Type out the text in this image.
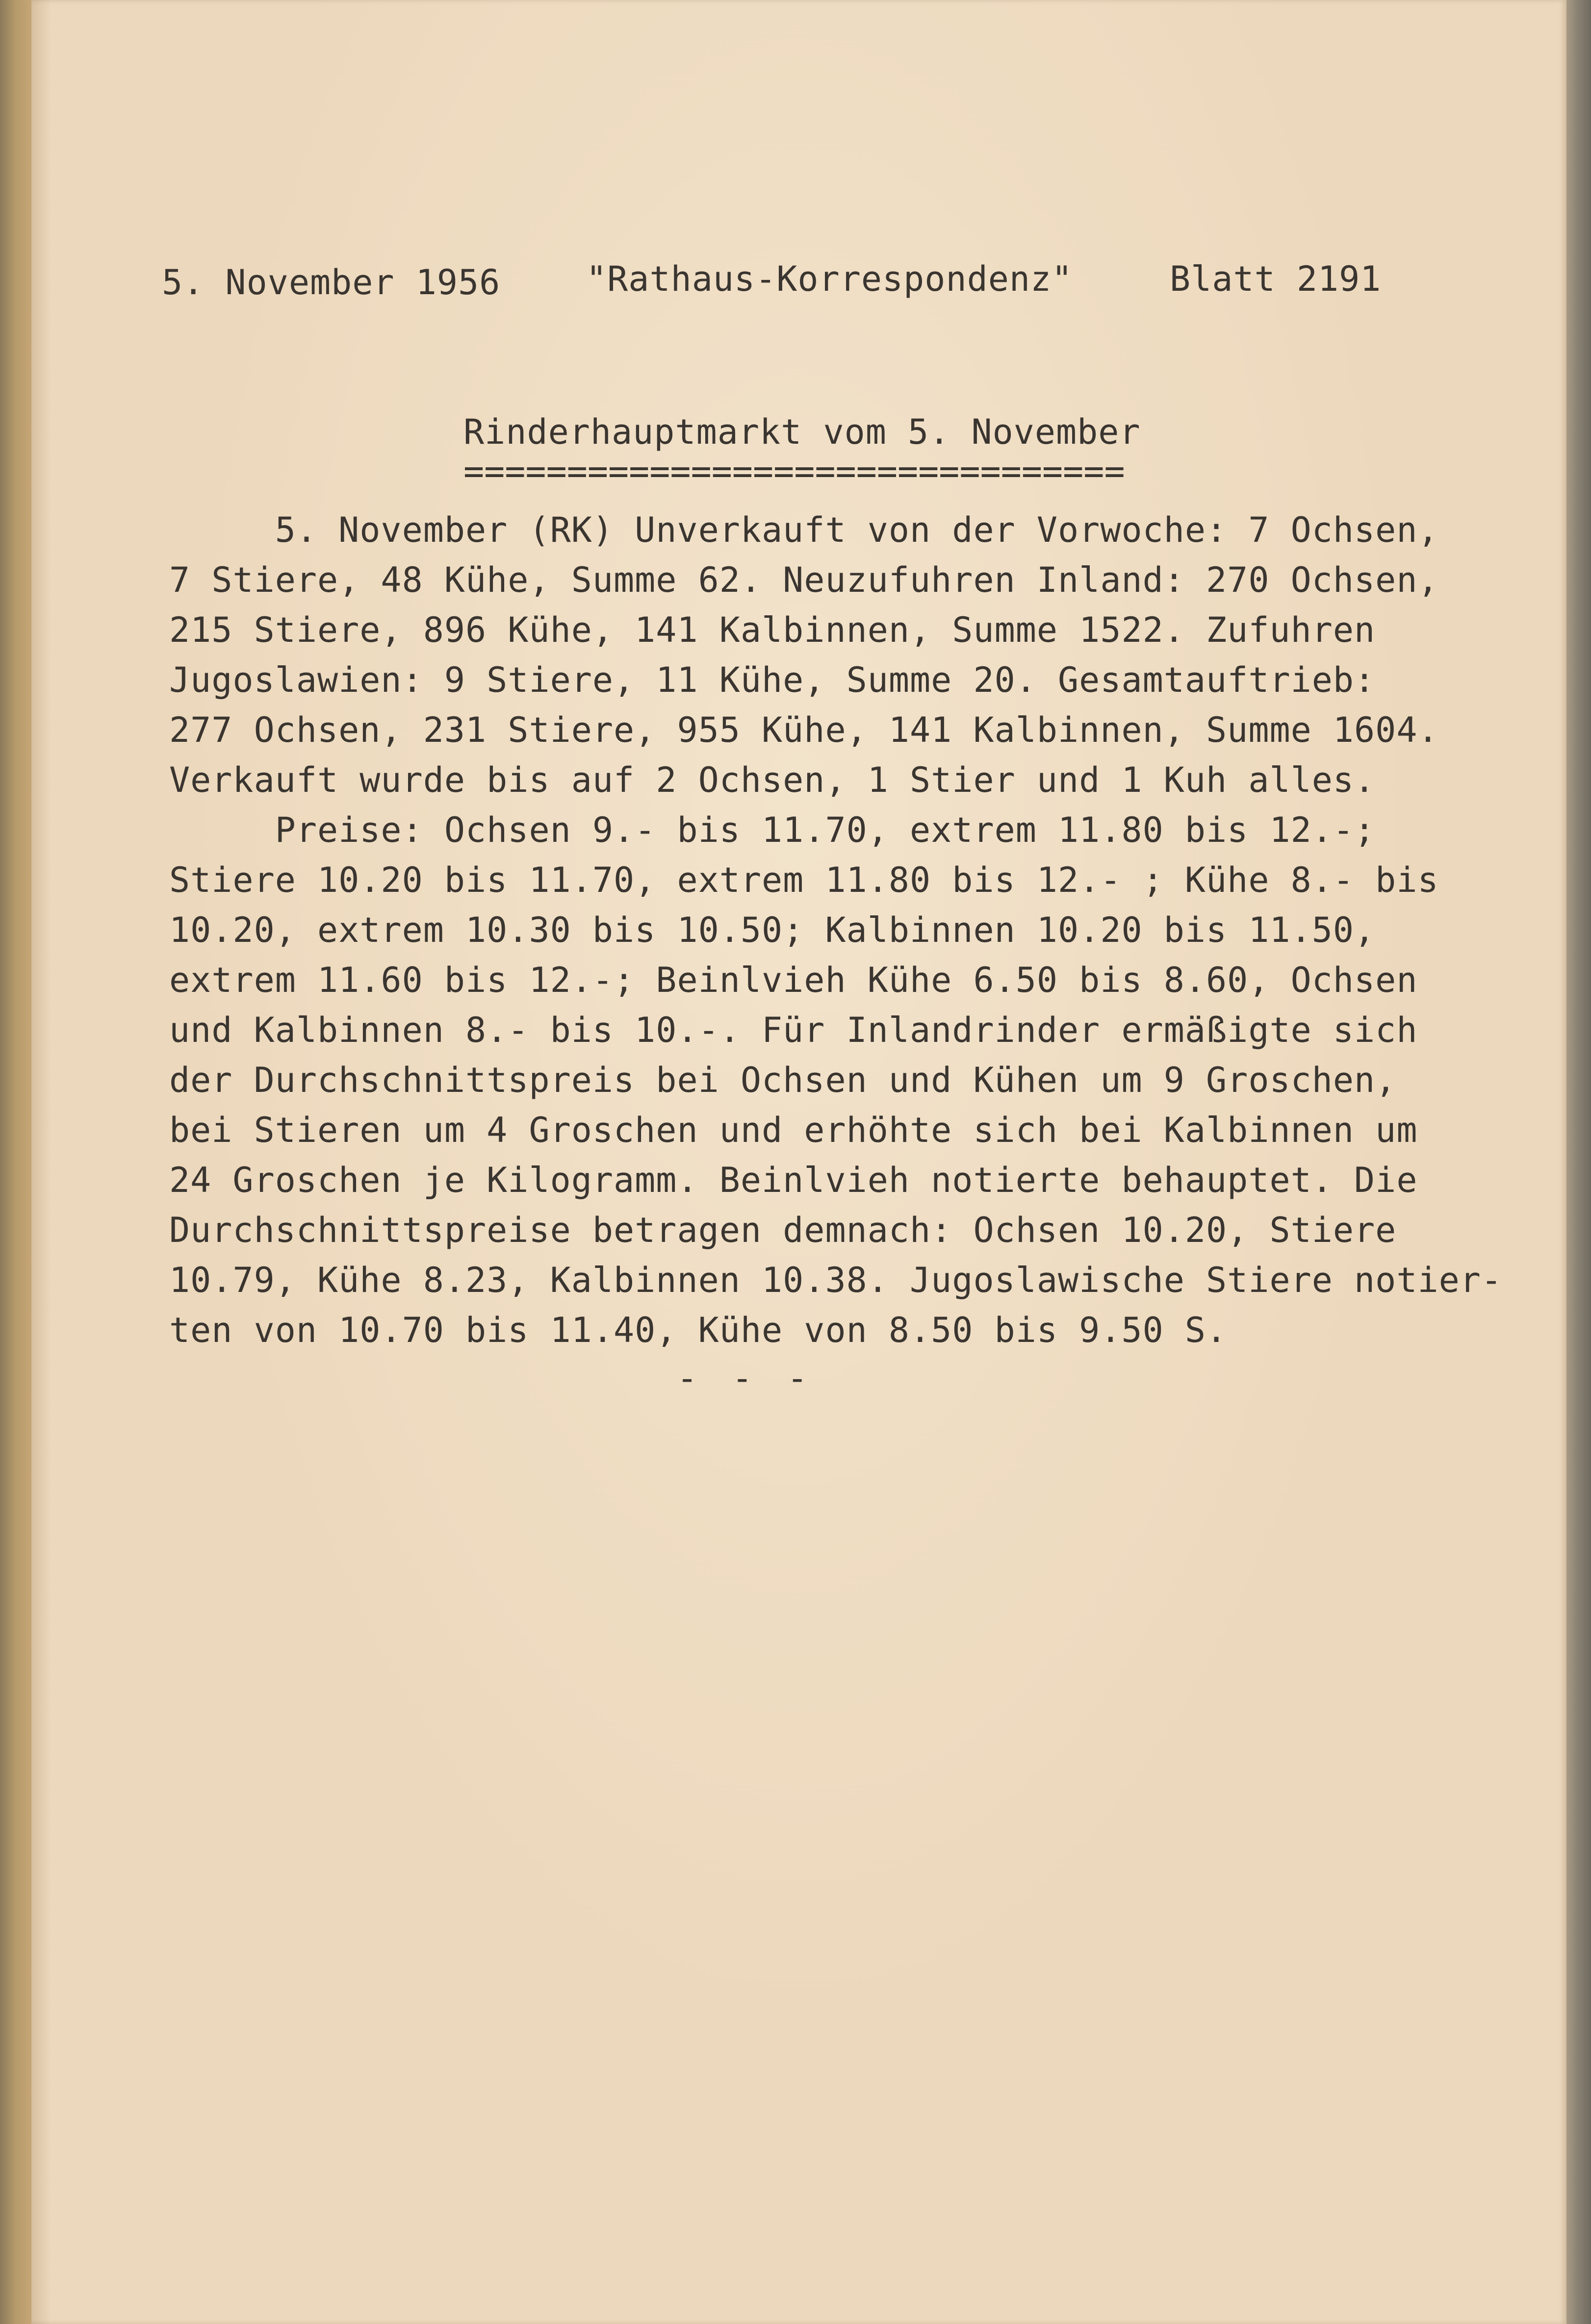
5. November 1956 "Rathaus-Korrespondenz"	Blatt 2191
Rinderhauptmarkt vom 5. November
================================
5. November (RK) Unverkauft von der Vorwoche: 7 Ochsen,
7 Stiere, 48 Kühe, Summe 62. Neuzufuhren Inland: 270 Ochsen,
215 Stiere, 896 Kühe, 141 Kalbinnen, Summe 1522. Zufuhren
Jugoslawien: 9 Stiere, 11 Kühe, Summe 20. Gesamtauftrieb:
277 Ochsen, 231 Stiere, 955 Kühe, 141 Kalbinnen, Summe 1604.
Verkauft wurde bis auf 2 Ochsen, 1 Stier und 1 Kuh alles.
Preise: Ochsen 9.- bis 11.70, extrem 11.80 bis 12.-;
Stiere 10.20 bis 11.70, extrem 11.80 bis 12.- ; Kühe 8.- bis
10.20, extrem 10.30 bis 10.50; Kalbinnen 10.20 bis 11.50,
extrem 11.60 bis 12.-; Beinlvieh Kühe 6.50 bis 8.60, Ochsen
und Kalbinnen 8.- bis 10.-. Für Inlandrinder ermäßigte sich
der Durchschnittspreis bei Ochsen und Kühen um 9 Groschen,
bei Stieren um 4 Groschen und erhöhte sich bei Kalbinnen um
24 Groschen je Kilogramm. Beinlvieh notierte behauptet. Die
Durchschnittspreise betragen demnach: Ochsen 10.20, Stiere
10.79, Kühe 8.23, Kalbinnen 10.38. Jugoslawische Stiere notier-
ten von 10.70 bis 11.40, Kühe von 8.50 bis 9.50 S.
- - -
